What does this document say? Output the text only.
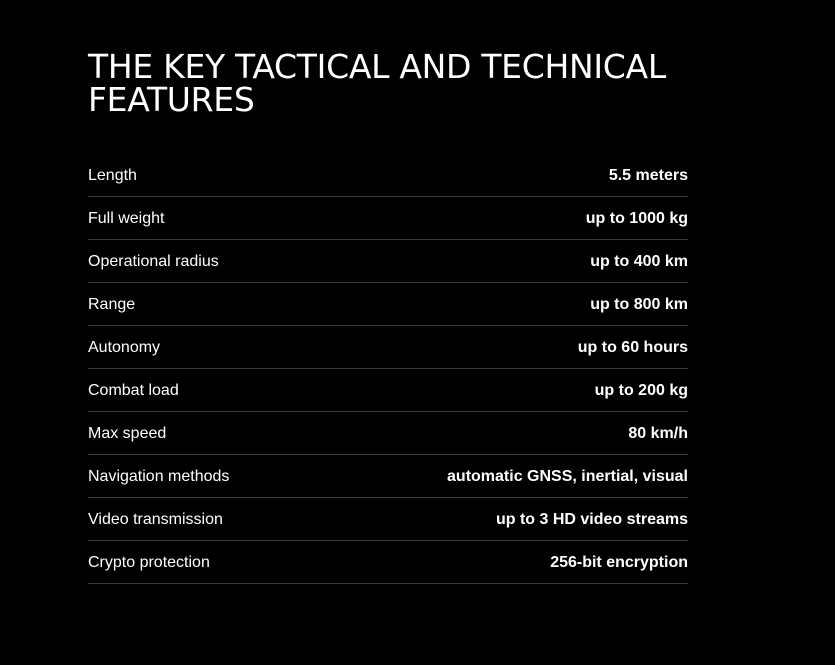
THE KEY TACTICAL AND TECHNICAL FEATURES
Length	5.5 meters
Full weight	up to 1000 kg
Operational radius	up to 400 km
Range	up to 800 km
Autonomy	up to 60 hours
Combat load	up to 200 kg
Max speed	80 km/h
Navigation methods	automatic GNSS, inertial, visual
Video transmission	up to 3 HD video streams
Crypto protection	256-bit encryption
